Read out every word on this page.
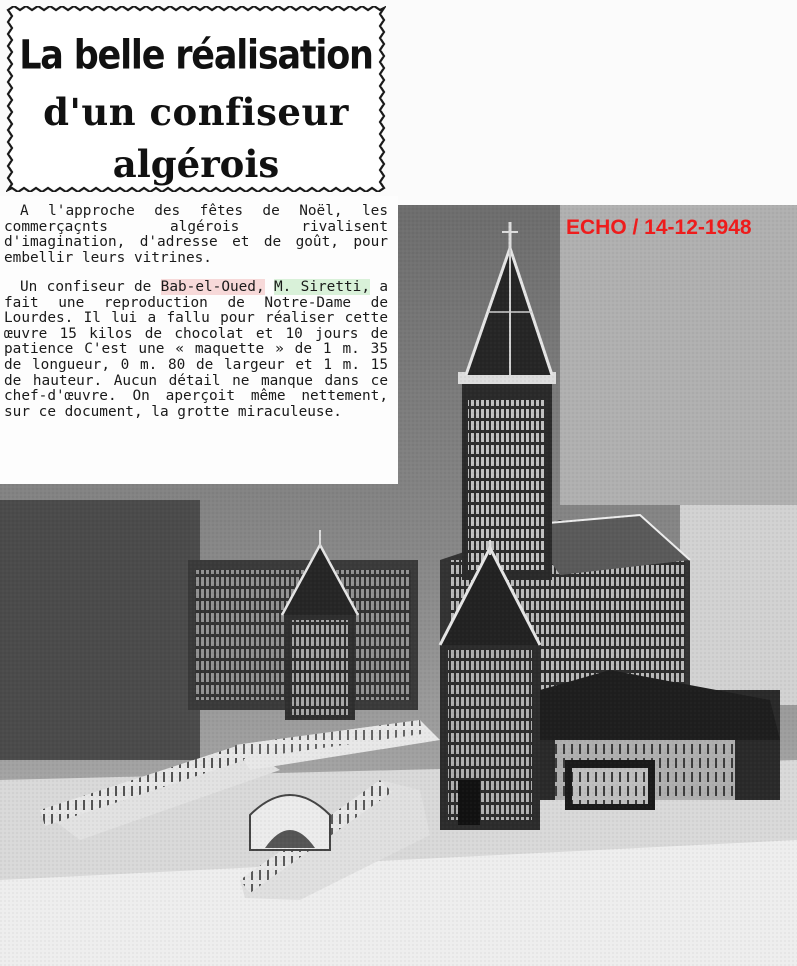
A l'approche des fêtes de Noël, les commerçaçnts algérois rivalisent d'imagination, d'adresse et de goût, pour embellir leurs vitrines.

Un confiseur de Bab-el-Oued, M. Siretti, a fait une reproduction de Notre-Dame de Lourdes. Il lui a fallu pour réaliser cette œuvre 15 kilos de chocolat et 10 jours de patience C'est une « maquette » de 1 m. 35 de longueur, 0 m. 80 de largeur et 1 m. 15 de hauteur. Aucun détail ne manque dans ce chef-d'œuvre. On aperçoit même nettement, sur ce document, la grotte miraculeuse.

La belle réalisation
d'un confiseur
algérois
ECHO / 14-12-1948
